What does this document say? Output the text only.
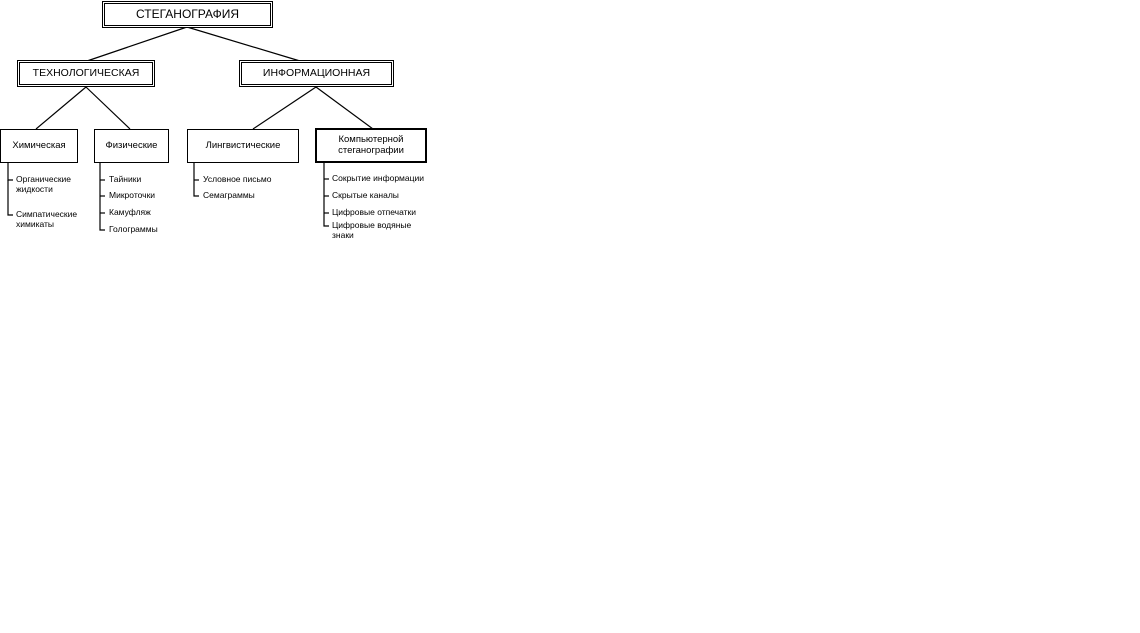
СТЕГАНОГРАФИЯ
ТЕХНОЛОГИЧЕСКАЯ	ИНФОРМАЦИОННАЯ
Химическая	Физические	Лингвистические
Компьютерной стеганографии
Органические жидкости
Симпатические химикаты
Тайники
Микроточки
Камуфляж
Голограммы
Условное письмо
Семаграммы
Сокрытие информации
Скрытые каналы
Цифровые отпечатки
Цифровые водяные знаки
